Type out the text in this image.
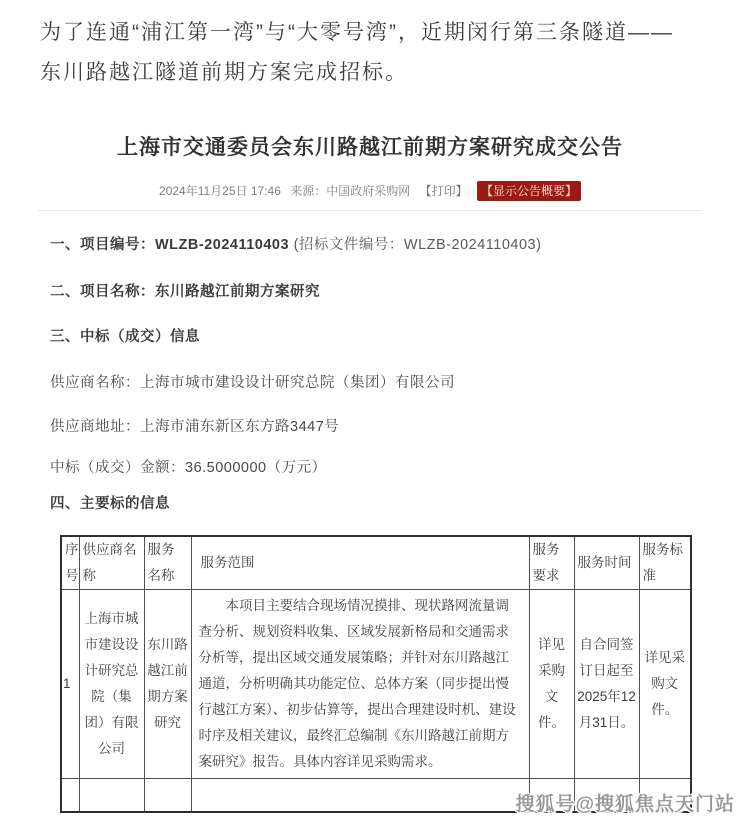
为了连通“浦江第一湾”与“大零号湾”，近期闵行第三条隧道——东川路越江隧道前期方案完成招标。

上海市交通委员会东川路越江前期方案研究成交公告
2024年11月25日 17:46 来源：中国政府采购网 【打印】 【显示公告概要】

一、项目编号：WLZB-2024110403 (招标文件编号：WLZB-2024110403)

二、项目名称：东川路越江前期方案研究

三、中标（成交）信息

供应商名称：上海市城市建设设计研究总院（集团）有限公司

供应商地址：上海市浦东新区东方路3447号

中标（成交）金额：36.5000000（万元）

四、主要标的信息

序号	供应商名称	服务名称	服务范围	服务要求	服务时间	服务标准
1	上海市城市建设设计研究总院（集团）有限公司	东川路越江前期方案研究	本项目主要结合现场情况摸排、现状路网流量调查分析、规划资料收集、区域发展新格局和交通需求分析等，提出区域交通发展策略；并针对东川路越江通道，分析明确其功能定位、总体方案（同步提出慢行越江方案）、初步估算等，提出合理建设时机、建设时序及相关建议，最终汇总编制《东川路越江前期方案研究》报告。具体内容详见采购需求。	详见采购文件。	自合同签订日起至2025年12月31日。	详见采购文件。

搜狐号@搜狐焦点天门站
